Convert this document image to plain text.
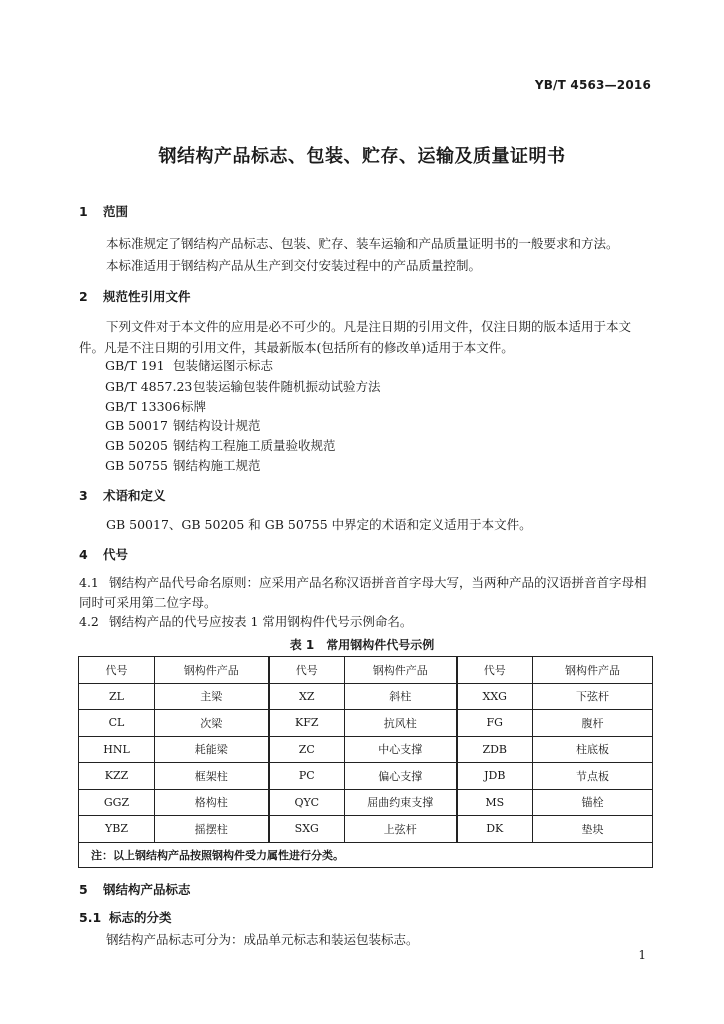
YB/T 4563—2016
钢结构产品标志、包装、贮存、运输及质量证明书
1 范围
本标准规定了钢结构产品标志、包装、贮存、装车运输和产品质量证明书的一般要求和方法。
本标准适用于钢结构产品从生产到交付安装过程中的产品质量控制。
2 规范性引用文件
下列文件对于本文件的应用是必不可少的。凡是注日期的引用文件，仅注日期的版本适用于本文
件。凡是不注日期的引用文件，其最新版本(包括所有的修改单)适用于本文件。
GB/T 191 包装储运图示标志
GB/T 4857.23包装运输包装件随机振动试验方法
GB/T 13306标牌
GB 50017 钢结构设计规范
GB 50205 钢结构工程施工质量验收规范
GB 50755 钢结构施工规范
3 术语和定义
GB 50017、GB 50205 和 GB 50755 中界定的术语和定义适用于本文件。
4 代号
4.1 钢结构产品代号命名原则：应采用产品名称汉语拼音首字母大写，当两种产品的汉语拼音首字母相
同时可采用第二位字母。
4.2 钢结构产品的代号应按表 1 常用钢构件代号示例命名。
表 1　常用钢构件代号示例
代号	钢构件产品	代号	钢构件产品	代号	钢构件产品
ZL	主梁	XZ	斜柱	XXG	下弦杆
CL	次梁	KFZ	抗风柱	FG	腹杆
HNL	耗能梁	ZC	中心支撑	ZDB	柱底板
KZZ	框架柱	PC	偏心支撑	JDB	节点板
GGZ	格构柱	QYC	屈曲约束支撑	MS	锚栓
YBZ	摇摆柱	SXG	上弦杆	DK	垫块
注：以上钢结构产品按照钢构件受力属性进行分类。					
5 钢结构产品标志
5.1 标志的分类
钢结构产品标志可分为：成品单元标志和装运包装标志。
1
